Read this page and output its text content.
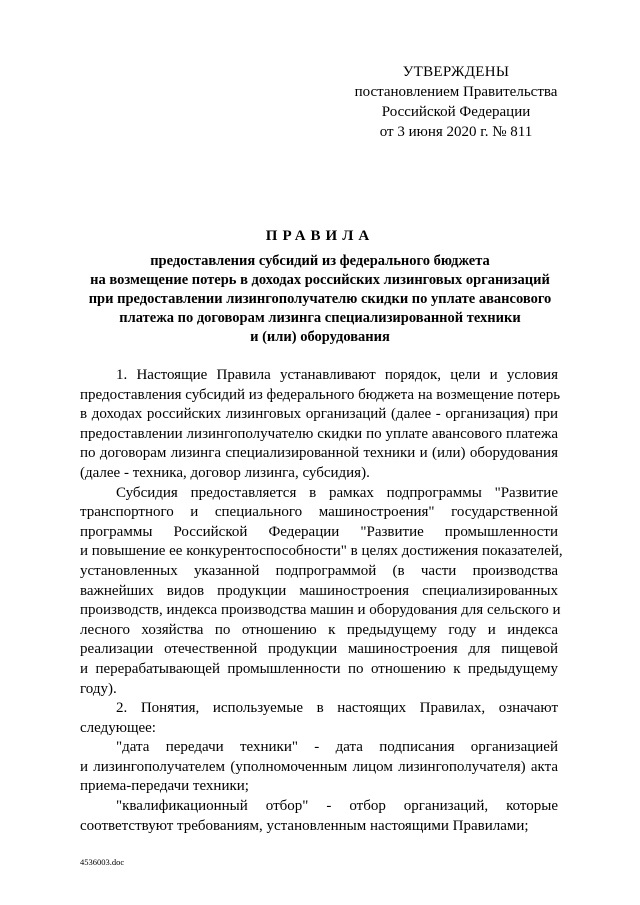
УТВЕРЖДЕНЫ
постановлением Правительства
Российской Федерации
от 3 июня 2020 г. № 811
ПРАВИЛА
предоставления субсидий из федерального бюджета
на возмещение потерь в доходах российских лизинговых организаций
при предоставлении лизингополучателю скидки по уплате авансового
платежа по договорам лизинга специализированной техники
и (или) оборудования
1. Настоящие Правила устанавливают порядок, цели и условия
предоставления субсидий из федерального бюджета на возмещение потерь
в доходах российских лизинговых организаций (далее - организация) при
предоставлении лизингополучателю скидки по уплате авансового платежа
по договорам лизинга специализированной техники и (или) оборудования
(далее - техника, договор лизинга, субсидия).
Субсидия предоставляется в рамках подпрограммы "Развитие
транспортного и специального машиностроения" государственной
программы Российской Федерации "Развитие промышленности
и повышение ее конкурентоспособности" в целях достижения показателей,
установленных указанной подпрограммой (в части производства
важнейших видов продукции машиностроения специализированных
производств, индекса производства машин и оборудования для сельского и
лесного хозяйства по отношению к предыдущему году и индекса
реализации отечественной продукции машиностроения для пищевой
и перерабатывающей промышленности по отношению к предыдущему
году).
2. Понятия, используемые в настоящих Правилах, означают
следующее:
"дата передачи техники" - дата подписания организацией
и лизингополучателем (уполномоченным лицом лизингополучателя) акта
приема-передачи техники;
"квалификационный отбор" - отбор организаций, которые
соответствуют требованиям, установленным настоящими Правилами;
4536003.doc
